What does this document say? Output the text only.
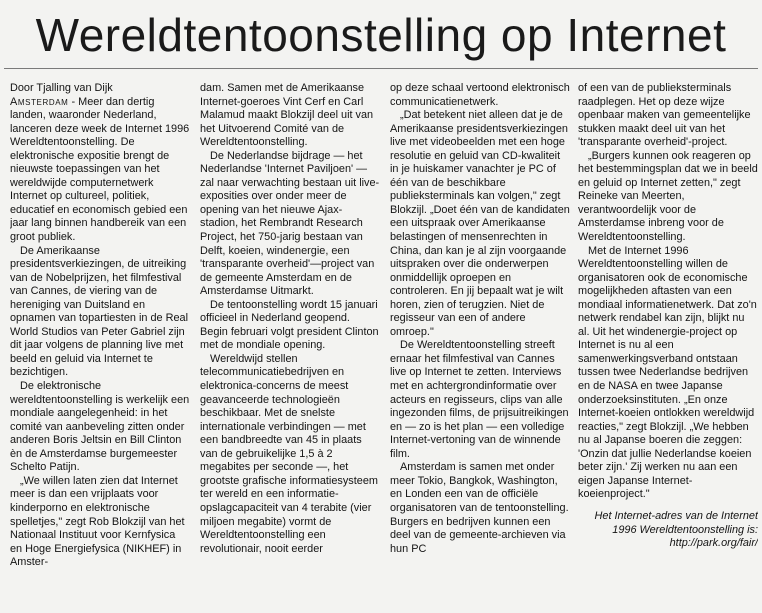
Wereldtentoonstelling op Internet

Door Tjalling van Dijk
Amsterdam - Meer dan dertig landen, waaronder Nederland, lanceren deze week de Internet 1996 Wereldtentoonstelling. De elektronische expositie brengt de nieuwste toepassingen van het wereldwijde computernetwerk Internet op cultureel, politiek, educatief en economisch gebied een jaar lang binnen handbereik van een groot publiek.

De Amerikaanse presidentsverkiezingen, de uitreiking van de Nobelprijzen, het filmfestival van Cannes, de viering van de hereniging van Duitsland en opnamen van topartiesten in de Real World Studios van Peter Gabriel zijn dit jaar volgens de planning live met beeld en geluid via Internet te bezichtigen.

De elektronische wereldtentoonstelling is werkelijk een mondiale aangelegenheid: in het comité van aanbeveling zitten onder anderen Boris Jeltsin en Bill Clinton èn de Amsterdamse burgemeester Schelto Patijn.

„We willen laten zien dat Internet meer is dan een vrijplaats voor kinderporno en elektronische spelletjes," zegt Rob Blokzijl van het Nationaal Instituut voor Kernfysica en Hoge Energiefysica (NIKHEF) in Amster-

dam. Samen met de Amerikaanse Internet-goeroes Vint Cerf en Carl Malamud maakt Blokzijl deel uit van het Uitvoerend Comité van de Wereldtentoonstelling.

De Nederlandse bijdrage — het Nederlandse 'Internet Paviljoen' — zal naar verwachting bestaan uit live-exposities over onder meer de opening van het nieuwe Ajax-stadion, het Rembrandt Research Project, het 750-jarig bestaan van Delft, koeien, windenergie, een 'transparante overheid'—project van de gemeente Amsterdam en de Amsterdamse Uitmarkt.

De tentoonstelling wordt 15 januari officieel in Nederland geopend. Begin februari volgt president Clinton met de mondiale opening.

Wereldwijd stellen telecommunicatiebedrijven en elektronica-concerns de meest geavanceerde technologieën beschikbaar. Met de snelste internationale verbindingen — met een bandbreedte van 45 in plaats van de gebruikelijke 1,5 à 2 megabites per seconde —, het grootste grafische informatiesysteem ter wereld en een informatie-opslagcapaciteit van 4 terabite (vier miljoen megabite) vormt de Wereldtentoonstelling een revolutionair, nooit eerder

op deze schaal vertoond elektronisch communicatienetwerk.

„Dat betekent niet alleen dat je de Amerikaanse presidentsverkiezingen live met videobeelden met een hoge resolutie en geluid van CD-kwaliteit in je huiskamer vanachter je PC of één van de beschikbare publieksterminals kan volgen," zegt Blokzijl. „Doet één van de kandidaten een uitspraak over Amerikaanse belastingen of mensenrechten in China, dan kan je al zijn voorgaande uitspraken over die onderwerpen onmiddellijk oproepen en controleren. En jij bepaalt wat je wilt horen, zien of terugzien. Niet de regisseur van een of andere omroep."

De Wereldtentoonstelling streeft ernaar het filmfestival van Cannes live op Internet te zetten. Interviews met en achtergrondinformatie over acteurs en regisseurs, clips van alle ingezonden films, de prijsuitreikingen en — zo is het plan — een volledige Internet-vertoning van de winnende film.

Amsterdam is samen met onder meer Tokio, Bangkok, Washington, en Londen een van de officiële organisatoren van de tentoonstelling. Burgers en bedrijven kunnen een deel van de gemeente-archieven via hun PC

of een van de publieksterminals raadplegen. Het op deze wijze openbaar maken van gemeentelijke stukken maakt deel uit van het 'transparante overheid'-project.

„Burgers kunnen ook reageren op het bestemmingsplan dat we in beeld en geluid op Internet zetten," zegt Reineke van Meerten, verantwoordelijk voor de Amsterdamse inbreng voor de Wereldtentoonstelling.

Met de Internet 1996 Wereldtentoonstelling willen de organisatoren ook de economische mogelijkheden aftasten van een mondiaal informatienetwerk. Dat zo'n netwerk rendabel kan zijn, blijkt nu al. Uit het windenergie-project op Internet is nu al een samenwerkingsverband ontstaan tussen twee Nederlandse bedrijven en de NASA en twee Japanse onderzoeksinstituten. „En onze Internet-koeien ontlokken wereldwijd reacties," zegt Blokzijl. „We hebben nu al Japanse boeren die zeggen: 'Onzin dat jullie Nederlandse koeien beter zijn.' Zij werken nu aan een eigen Japanse Internet-koeienproject."

Het Internet-adres van de Internet 1996 Wereldtentoonstelling is:
http://park.org/fair/
